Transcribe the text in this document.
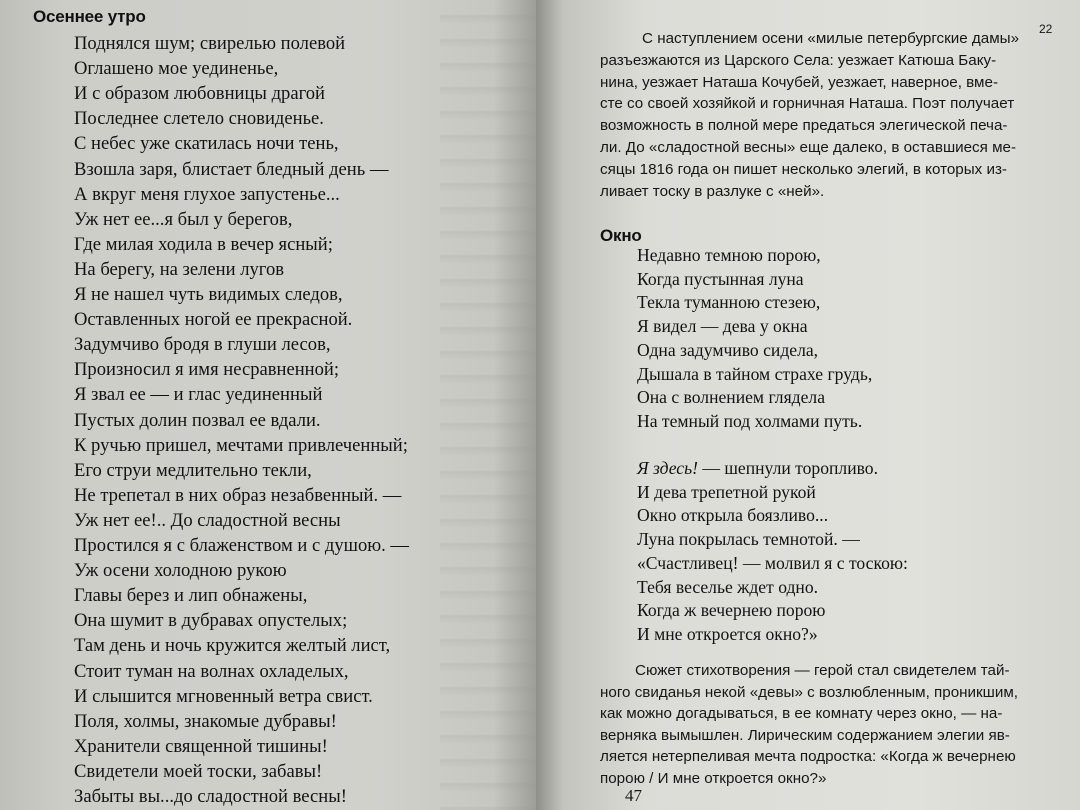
Осеннее утро
Поднялся шум; свирелью полевой
Оглашено мое уединенье,
И с образом любовницы драгой
Последнее слетело сновиденье.
С небес уже скатилась ночи тень,
Взошла заря, блистает бледный день —
А вкруг меня глухое запустенье...
Уж нет ее...я был у берегов,
Где милая ходила в вечер ясный;
На берегу, на зелени лугов
Я не нашел чуть видимых следов,
Оставленных ногой ее прекрасной.
Задумчиво бродя в глуши лесов,
Произносил я имя несравненной;
Я звал ее — и глас уединенный
Пустых долин позвал ее вдали.
К ручью пришел, мечтами привлеченный;
Его струи медлительно текли,
Не трепетал в них образ незабвенный. —
Уж нет ее!.. До сладостной весны
Простился я с блаженством и с душою. —
Уж осени холодною рукою
Главы берез и лип обнажены,
Она шумит в дубравах опустелых;
Там день и ночь кружится желтый лист,
Стоит туман на волнах охладелых,
И слышится мгновенный ветра свист.
Поля, холмы, знакомые дубравы!
Хранители священной тишины!
Свидетели моей тоски, забавы!
Забыты вы...до сладостной весны!
С наступлением осени «милые петербургские дамы»
разъезжаются из Царского Села: уезжает Катюша Баку-
нина, уезжает Наташа Кочубей, уезжает, наверное, вме-
сте со своей хозяйкой и горничная Наташа. Поэт получает
возможность в полной мере предаться элегической печа-
ли. До «сладостной весны» еще далеко, в оставшиеся ме-
сяцы 1816 года он пишет несколько элегий, в которых из-
ливает тоску в разлуке с «ней».
22
Окно
Недавно темною порою,
Когда пустынная луна
Текла туманною стезею,
Я видел — дева у окна
Одна задумчиво сидела,
Дышала в тайном страхе грудь,
Она с волнением глядела
На темный под холмами путь.
Я здесь! — шепнули торопливо.
И дева трепетной рукой
Окно открыла боязливо...
Луна покрылась темнотой. —
«Счастливец! — молвил я с тоскою:
Тебя веселье ждет одно.
Когда ж вечернею порою
И мне откроется окно?»
Сюжет стихотворения — герой стал свидетелем тай-
ного свиданья некой «девы» с возлюбленным, проникшим,
как можно догадываться, в ее комнату через окно, — на-
верняка вымышлен. Лирическим содержанием элегии яв-
ляется нетерпеливая мечта подростка: «Когда ж вечернею
порою / И мне откроется окно?»
47
